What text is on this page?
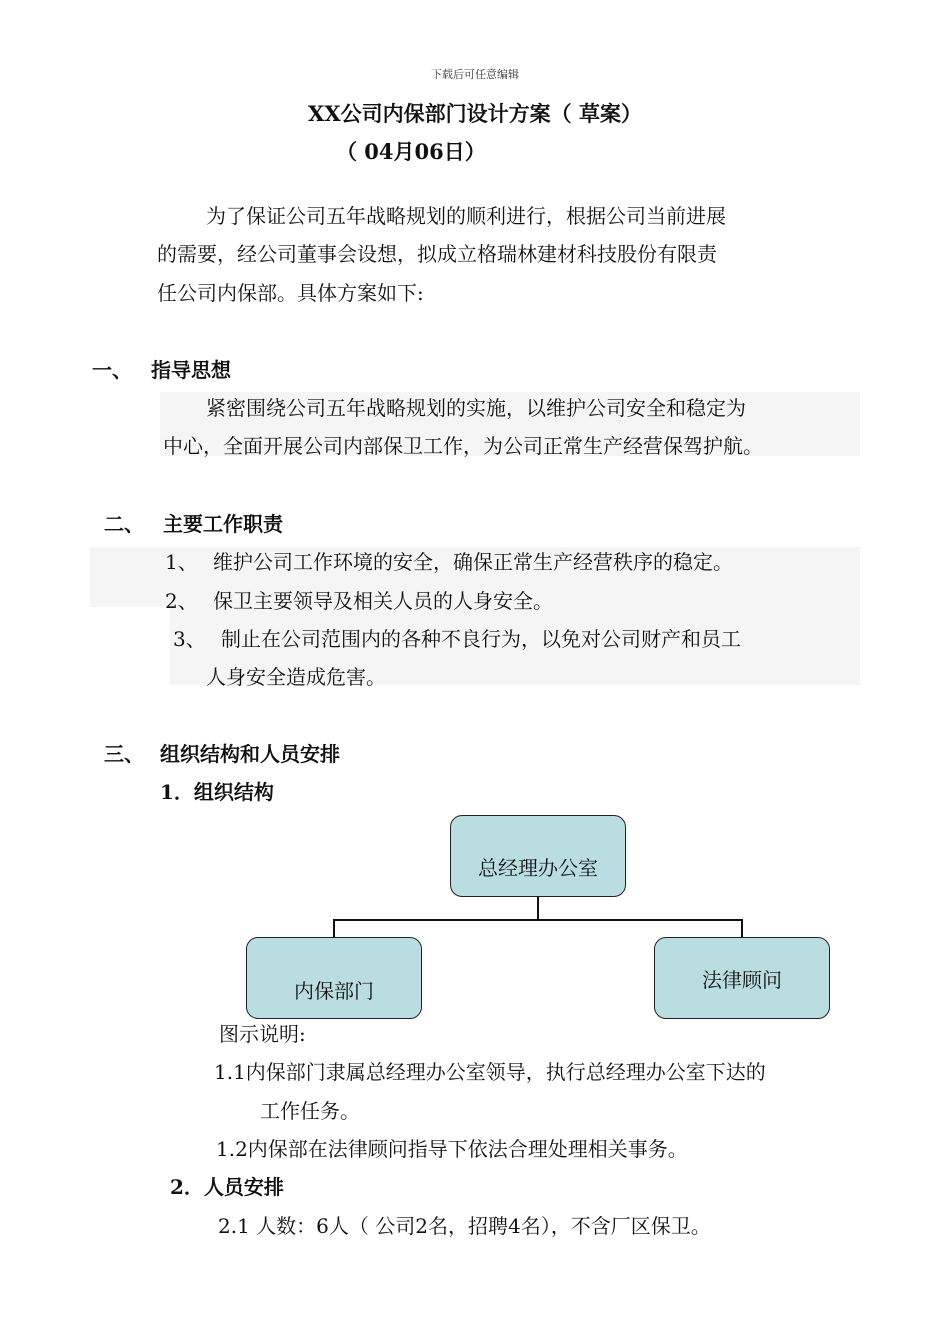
下载后可任意编辑
XX公司内保部门设计方案（ 草案）
（ 04月06日）
为了保证公司五年战略规划的顺利进行，根据公司当前进展
的需要，经公司董事会设想，拟成立格瑞林建材科技股份有限责
任公司内保部。具体方案如下:
一、 指导思想
紧密围绕公司五年战略规划的实施，以维护公司安全和稳定为
中心，全面开展公司内部保卫工作，为公司正常生产经营保驾护航。
二、 主要工作职责
1、 维护公司工作环境的安全，确保正常生产经营秩序的稳定。
2、 保卫主要领导及相关人员的人身安全。
3、 制止在公司范围内的各种不良行为，以免对公司财产和员工
人身安全造成危害。
三、 组织结构和人员安排
1．组织结构
总经理办公室
内保部门	法律顾问
图示说明:
1.1内保部门隶属总经理办公室领导，执行总经理办公室下达的
工作任务。
1.2内保部在法律顾问指导下依法合理处理相关事务。
2．人员安排
2.1 人数：6人（ 公司2名，招聘4名），不含厂区保卫。
